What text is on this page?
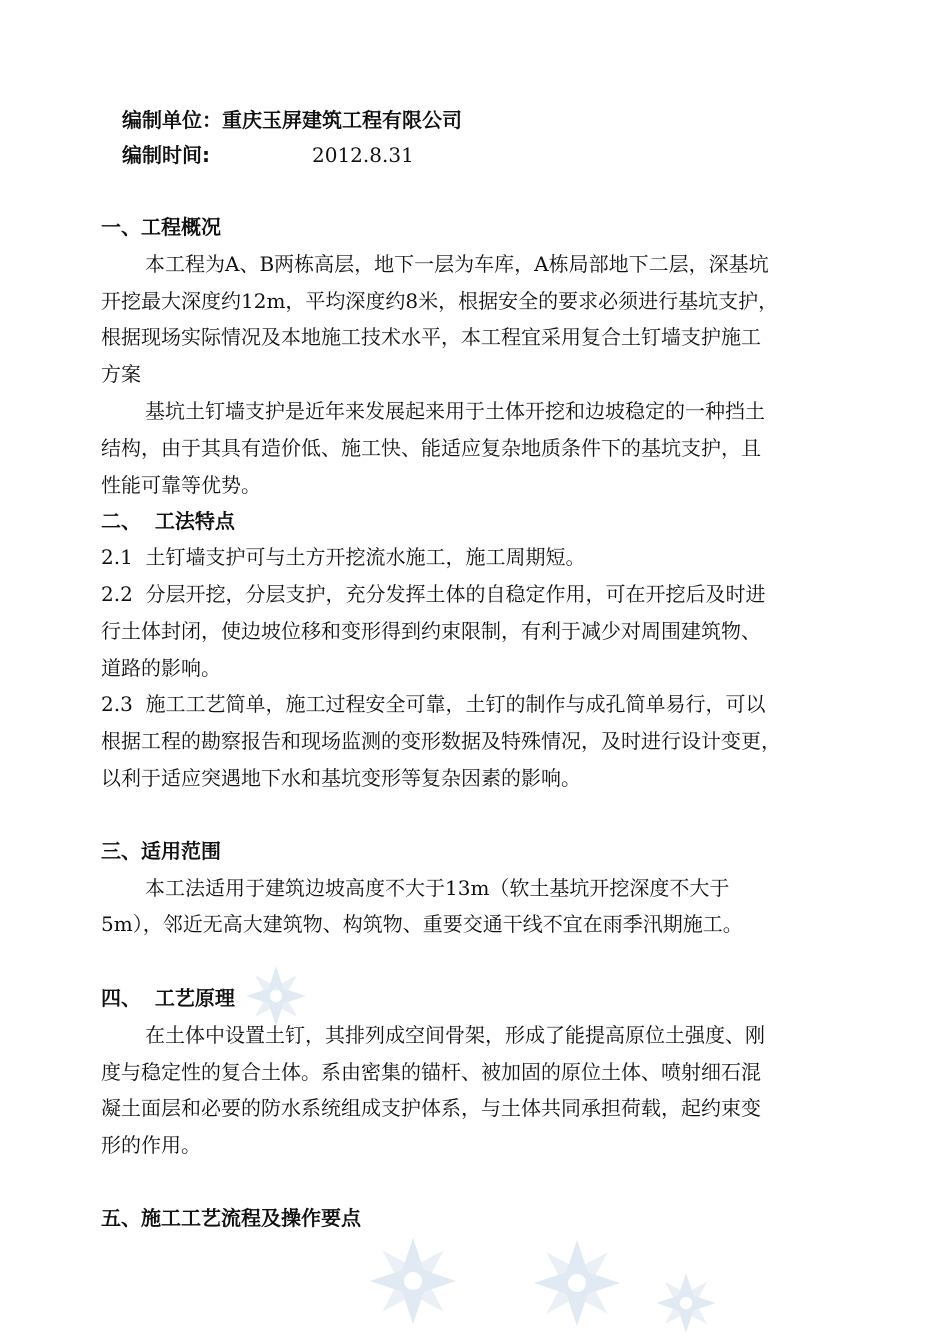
编制单位：重庆玉屏建筑工程有限公司
编制时间:	2012.8.31
一、工程概况
本工程为A、B两栋高层，地下一层为车库，A栋局部地下二层，深基坑
开挖最大深度约12m，平均深度约8米，根据安全的要求必须进行基坑支护，
根据现场实际情况及本地施工技术水平，本工程宜采用复合土钉墙支护施工
方案
基坑土钉墙支护是近年来发展起来用于土体开挖和边坡稳定的一种挡土
结构，由于其具有造价低、施工快、能适应复杂地质条件下的基坑支护，且
性能可靠等优势。
二、  工法特点
2.1  土钉墙支护可与土方开挖流水施工，施工周期短。
2.2  分层开挖，分层支护，充分发挥土体的自稳定作用，可在开挖后及时进
行土体封闭，使边坡位移和变形得到约束限制，有利于减少对周围建筑物、
道路的影响。
2.3  施工工艺简单，施工过程安全可靠，土钉的制作与成孔简单易行，可以
根据工程的勘察报告和现场监测的变形数据及特殊情况，及时进行设计变更，
以利于适应突遇地下水和基坑变形等复杂因素的影响。
三、适用范围
本工法适用于建筑边坡高度不大于13m（软土基坑开挖深度不大于
5m），邻近无高大建筑物、构筑物、重要交通干线不宜在雨季汛期施工。
四、  工艺原理
在土体中设置土钉，其排列成空间骨架，形成了能提高原位土强度、刚
度与稳定性的复合土体。系由密集的锚杆、被加固的原位土体、喷射细石混
凝土面层和必要的防水系统组成支护体系，与土体共同承担荷载，起约束变
形的作用。
五、施工工艺流程及操作要点
